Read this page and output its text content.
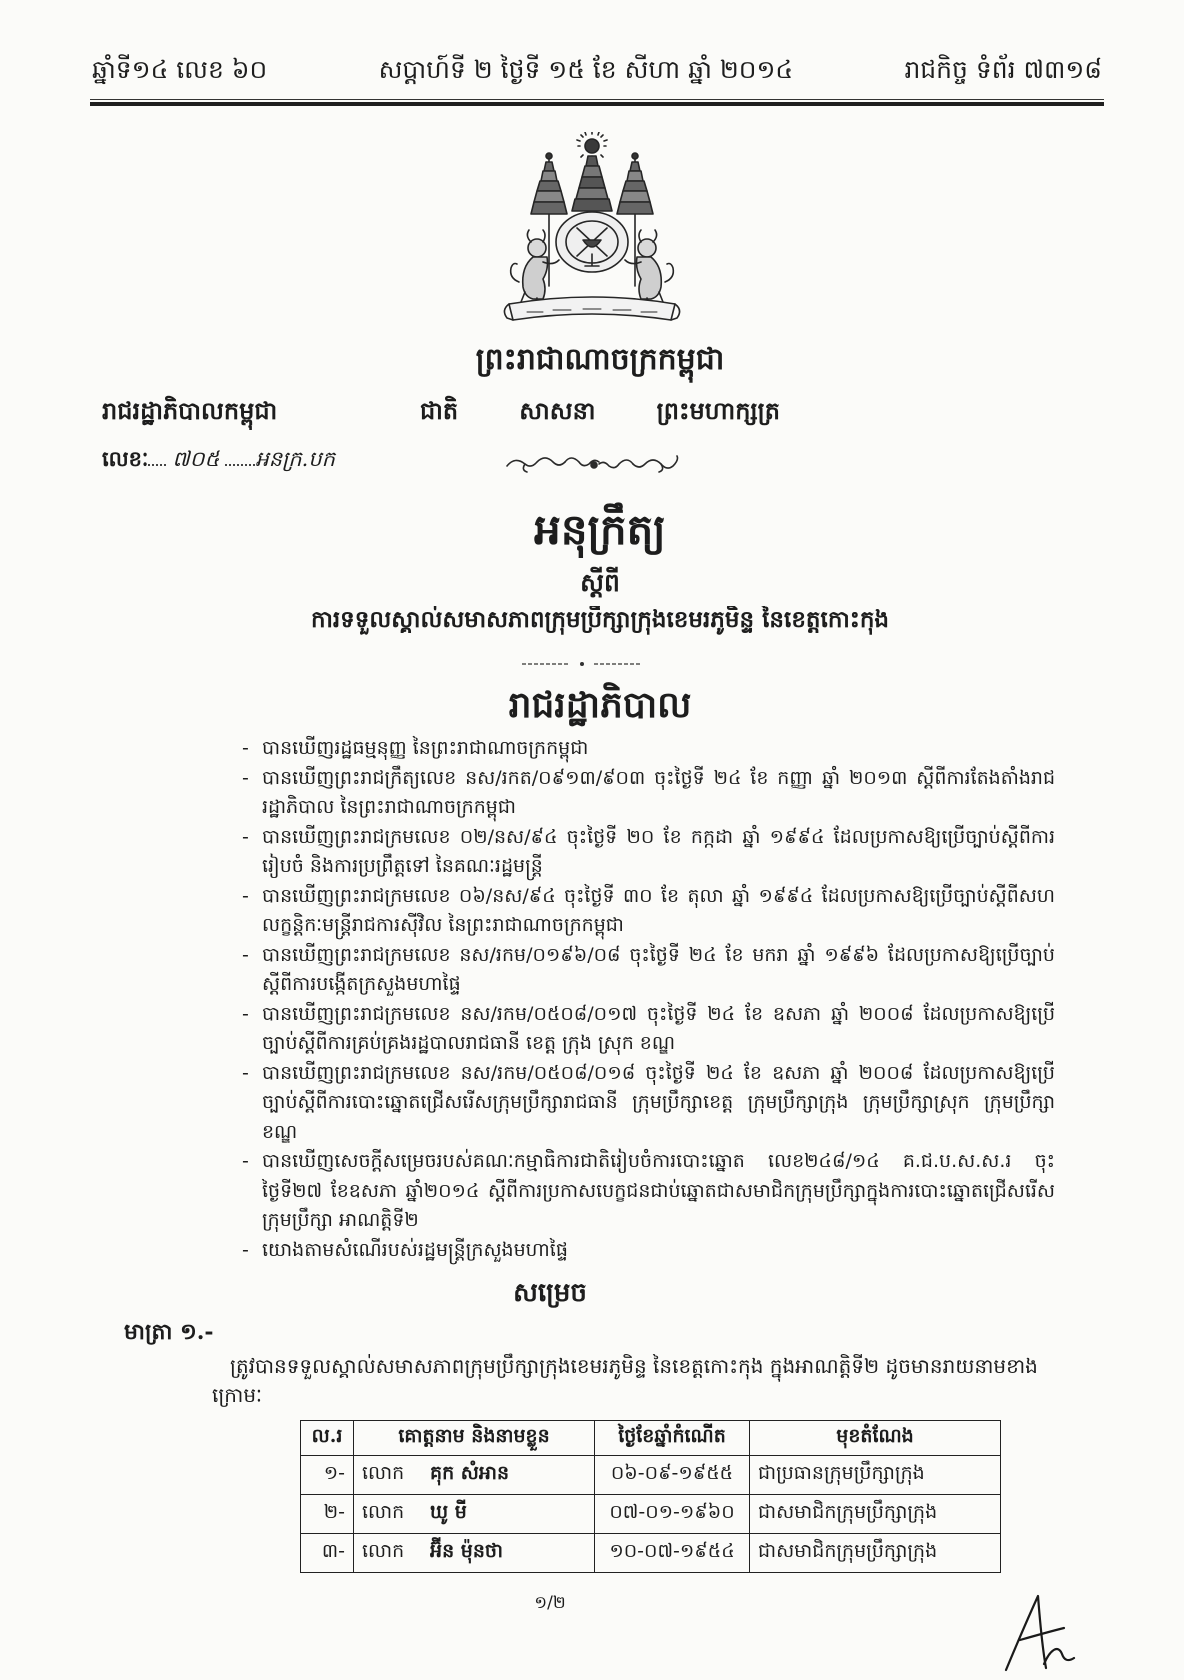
ឆ្នាំទី១៤ លេខ ៦០	សប្តាហ៍ទី ២ ថ្ងៃទី ១៥ ខែ សីហា ឆ្នាំ ២០១៤	រាជកិច្ច ទំព័រ ៧៣១៨
ព្រះរាជាណាចក្រកម្ពុជា
រាជរដ្ឋាភិបាលកម្ពុជា	ជាតិ	សាសនា	ព្រះមហាក្សត្រ
លេខៈ ៧០៥ អនក្រ.បក
អនុក្រឹត្យ
ស្តីពី
ការទទួលស្គាល់សមាសភាពក្រុមប្រឹក្សាក្រុងខេមរភូមិន្ទ នៃខេត្តកោះកុង
រាជរដ្ឋាភិបាល
- បានឃើញរដ្ឋធម្មនុញ្ញ នៃព្រះរាជាណាចក្រកម្ពុជា
- បានឃើញព្រះរាជក្រឹត្យលេខ នស/រកត/០៩១៣/៩០៣ ចុះថ្ងៃទី ២៤ ខែ កញ្ញា ឆ្នាំ ២០១៣ ស្តីពីការតែងតាំងរាជរដ្ឋាភិបាល នៃព្រះរាជាណាចក្រកម្ពុជា
- បានឃើញព្រះរាជក្រមលេខ ០២/នស/៩៤ ចុះថ្ងៃទី ២០ ខែ កក្កដា ឆ្នាំ ១៩៩៤ ដែលប្រកាសឱ្យប្រើច្បាប់ស្តីពីការរៀបចំ និងការប្រព្រឹត្តទៅ នៃគណៈរដ្ឋមន្ត្រី
- បានឃើញព្រះរាជក្រមលេខ ០៦/នស/៩៤ ចុះថ្ងៃទី ៣០ ខែ តុលា ឆ្នាំ ១៩៩៤ ដែលប្រកាសឱ្យប្រើច្បាប់ស្តីពីសហលក្ខន្តិកៈមន្ត្រីរាជការស៊ីវិល នៃព្រះរាជាណាចក្រកម្ពុជា
- បានឃើញព្រះរាជក្រមលេខ នស/រកម/០១៩៦/០៨ ចុះថ្ងៃទី ២៤ ខែ មករា ឆ្នាំ ១៩៩៦ ដែលប្រកាសឱ្យប្រើច្បាប់ស្តីពីការបង្កើតក្រសួងមហាផ្ទៃ
- បានឃើញព្រះរាជក្រមលេខ នស/រកម/០៥០៨/០១៧ ចុះថ្ងៃទី ២៤ ខែ ឧសភា ឆ្នាំ ២០០៨ ដែលប្រកាសឱ្យប្រើច្បាប់ស្តីពីការគ្រប់គ្រងរដ្ឋបាលរាជធានី ខេត្ត ក្រុង ស្រុក ខណ្ឌ
- បានឃើញព្រះរាជក្រមលេខ នស/រកម/០៥០៨/០១៨ ចុះថ្ងៃទី ២៤ ខែ ឧសភា ឆ្នាំ ២០០៨ ដែលប្រកាសឱ្យប្រើច្បាប់ស្តីពីការបោះឆ្នោតជ្រើសរើសក្រុមប្រឹក្សារាជធានី ក្រុមប្រឹក្សាខេត្ត ក្រុមប្រឹក្សាក្រុង ក្រុមប្រឹក្សាស្រុក ក្រុមប្រឹក្សាខណ្ឌ
- បានឃើញសេចក្តីសម្រេចរបស់គណៈកម្មាធិការជាតិរៀបចំការបោះឆ្នោត លេខ២៤៨/១៤ គ.ជ.ប.ស.ស.រ ចុះថ្ងៃទី២៧ ខែឧសភា ឆ្នាំ២០១៤ ស្តីពីការប្រកាសបេក្ខជនជាប់ឆ្នោតជាសមាជិកក្រុមប្រឹក្សាក្នុងការបោះឆ្នោតជ្រើសរើសក្រុមប្រឹក្សា អាណត្តិទី២
- យោងតាមសំណើរបស់រដ្ឋមន្ត្រីក្រសួងមហាផ្ទៃ
សម្រេច
មាត្រា ១.-
ត្រូវបានទទួលស្គាល់សមាសភាពក្រុមប្រឹក្សាក្រុងខេមរភូមិន្ទ នៃខេត្តកោះកុង ក្នុងអាណត្តិទី២ ដូចមានរាយនាមខាងក្រោមៈ
ល.រ	គោត្តនាម និងនាមខ្លួន	ថ្ងៃខែឆ្នាំកំណើត	មុខតំណែង
១-	លោក គុក សំអាន	០៦-០៩-១៩៥៥	ជាប្រធានក្រុមប្រឹក្សាក្រុង
២-	លោក ឃូ មី	០៧-០១-១៩៦០	ជាសមាជិកក្រុមប្រឹក្សាក្រុង
៣-	លោក អ៊ីន ម៉ុនថា	១០-០៧-១៩៥៤	ជាសមាជិកក្រុមប្រឹក្សាក្រុង
១/២
